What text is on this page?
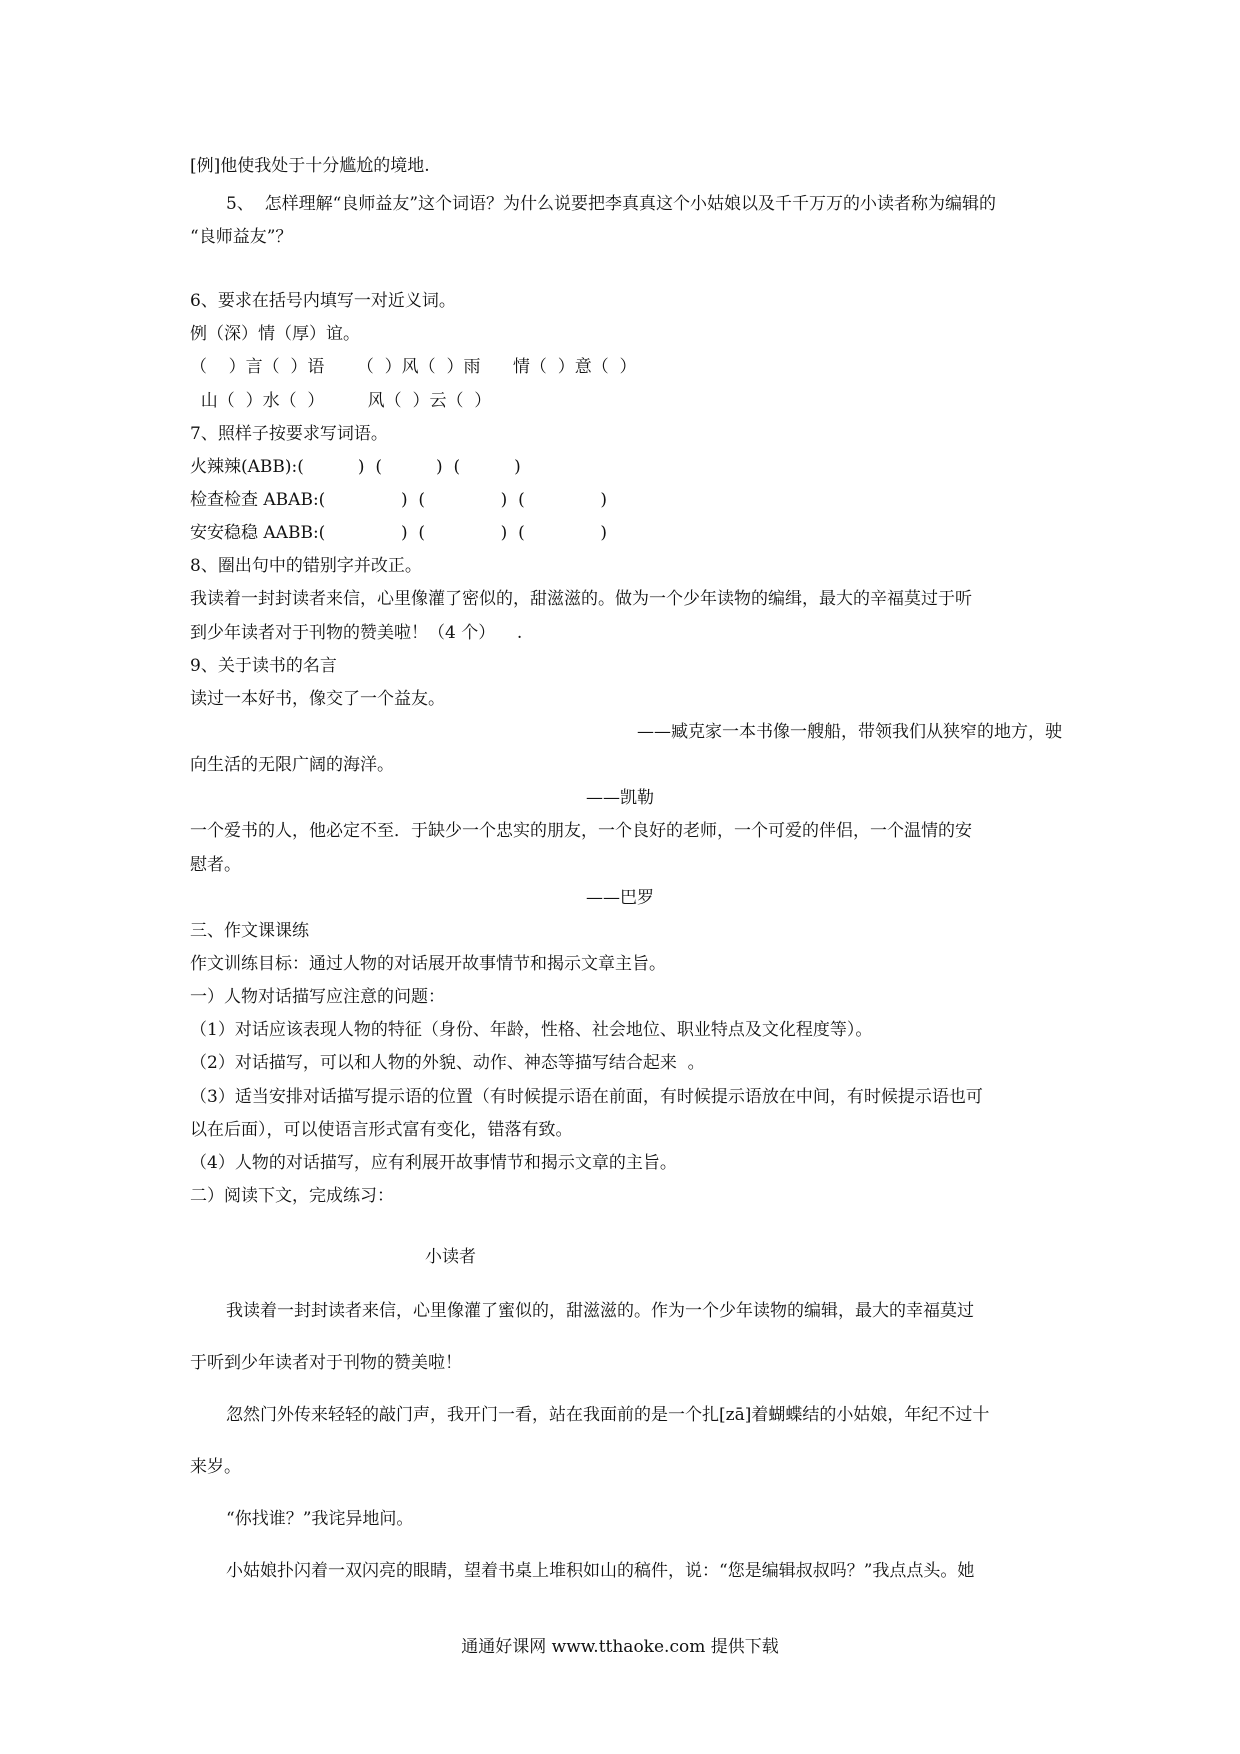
[例]他使我处于十分尴尬的境地.
5、  怎样理解“良师益友”这个词语？为什么说要把李真真这个小姑娘以及千千万万的小读者称为编辑的
“良师益友”？
6、要求在括号内填写一对近义词。
例（深）情（厚）谊。
（    ）言（  ）语      （  ）风（  ）雨      情（  ）意（  ）
山（  ）水（  ）        风（  ）云（  ）
7、照样子按要求写词语。
火辣辣(ABB):(          )  (          )  (          )
检查检查 ABAB:(              )  (              )  (              )
安安稳稳 AABB:(              )  (              )  (              )
8、圈出句中的错别字并改正。
我读着一封封读者来信，心里像灌了密似的，甜滋滋的。做为一个少年读物的编缉，最大的辛福莫过于听
到少年读者对于刊物的赞美啦！（4 个）    .
9、关于读书的名言
读过一本好书，像交了一个益友。
——臧克家一本书像一艘船，带领我们从狭窄的地方，驶
向生活的无限广阔的海洋。
——凯勒
一个爱书的人，他必定不至．于缺少一个忠实的朋友，一个良好的老师，一个可爱的伴侣，一个温情的安
慰者。
——巴罗
三、作文课课练
作文训练目标：通过人物的对话展开故事情节和揭示文章主旨。
一）人物对话描写应注意的问题：
（1）对话应该表现人物的特征（身份、年龄，性格、社会地位、职业特点及文化程度等）。
（2）对话描写，可以和人物的外貌、动作、神态等描写结合起来  。
（3）适当安排对话描写提示语的位置（有时候提示语在前面，有时候提示语放在中间，有时候提示语也可
以在后面），可以使语言形式富有变化，错落有致。
（4）人物的对话描写，应有利展开故事情节和揭示文章的主旨。
二）阅读下文，完成练习：
我读着一封封读者来信，心里像灌了蜜似的，甜滋滋的。作为一个少年读物的编辑，最大的幸福莫过
于听到少年读者对于刊物的赞美啦！
忽然门外传来轻轻的敲门声，我开门一看，站在我面前的是一个扎[zā]着蝴蝶结的小姑娘，年纪不过十
来岁。
“你找谁？”我诧异地问。
小姑娘扑闪着一双闪亮的眼睛，望着书桌上堆积如山的稿件，说：“您是编辑叔叔吗？”我点点头。她
小读者
通通好课网 www.tthaoke.com 提供下载
